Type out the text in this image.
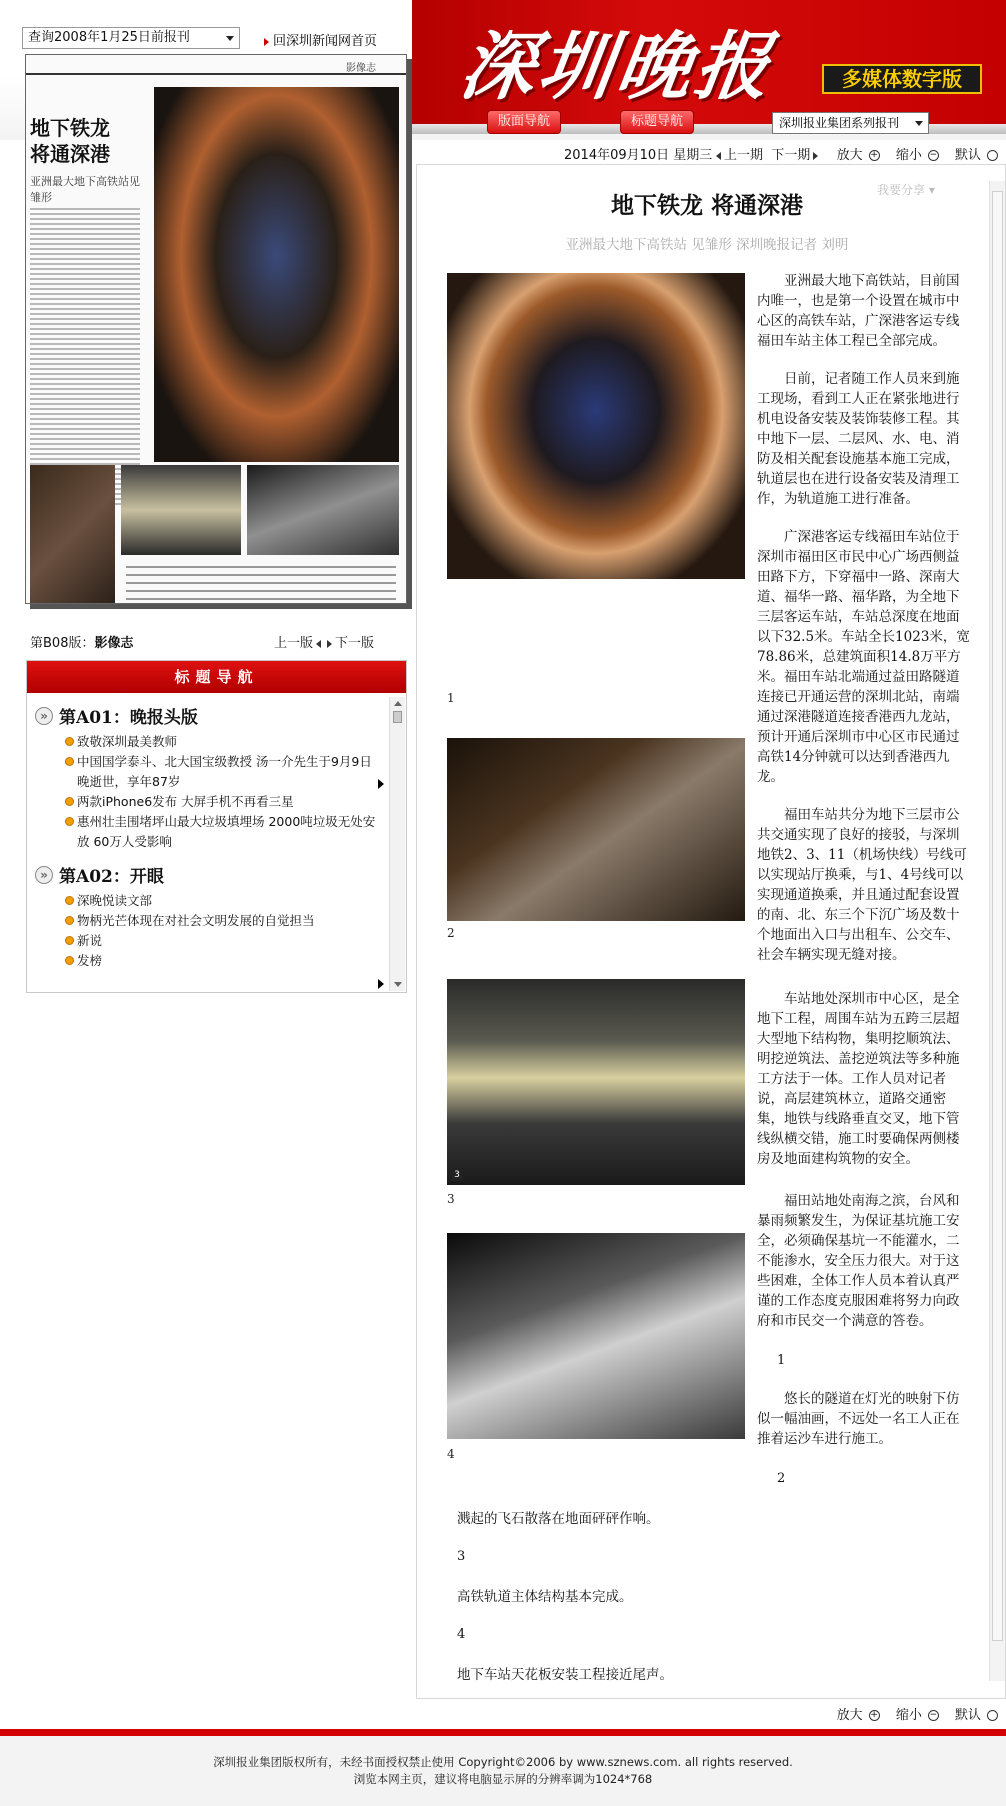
深圳晚报	多媒体数字版
查询2008年1月25日前报刊	回深圳新闻网首页
版面导航	标题导航	深圳报业集团系列报刊
影像志
地下铁龙
将通深港
亚洲最大地下高铁站见雏形
第B08版：影像志	上一版 下一版
标题导航
» 第A01：晚报头版
致敬深圳最美教师
中国国学泰斗、北大国宝级教授 汤一介先生于9月9日晚逝世，享年87岁
两款iPhone6发布 大屏手机不再看三星
惠州壮圭围堵坪山最大垃圾填埋场 2000吨垃圾无处安放 60万人受影响
» 第A02：开眼
深晚悦读文部
物柄光芒体现在对社会文明发展的自觉担当
新说
发榜
2014年09月10日 星期三 上一期 下一期	放大 + 缩小 − 默认
我要分享 ▾
地下铁龙 将通深港
亚洲最大地下高铁站 见雏形 深圳晚报记者 刘明
1
2
3
3
4
亚洲最大地下高铁站，目前国内唯一，也是第一个设置在城市中心区的高铁车站，广深港客运专线福田车站主体工程已全部完成。
日前，记者随工作人员来到施工现场，看到工人正在紧张地进行机电设备安装及装饰装修工程。其中地下一层、二层风、水、电、消防及相关配套设施基本施工完成，轨道层也在进行设备安装及清理工作，为轨道施工进行准备。
广深港客运专线福田车站位于深圳市福田区市民中心广场西侧益田路下方，下穿福中一路、深南大道、福华一路、福华路，为全地下三层客运车站，车站总深度在地面以下32.5米。车站全长1023米，宽78.86米，总建筑面积14.8万平方米。福田车站北端通过益田路隧道连接已开通运营的深圳北站，南端通过深港隧道连接香港西九龙站，预计开通后深圳市中心区市民通过高铁14分钟就可以达到香港西九龙。
福田车站共分为地下三层市公共交通实现了良好的接驳，与深圳地铁2、3、11（机场快线）号线可以实现站厅换乘，与1、4号线可以实现通道换乘，并且通过配套设置的南、北、东三个下沉广场及数十个地面出入口与出租车、公交车、社会车辆实现无缝对接。
车站地处深圳市中心区，是全地下工程，周围车站为五跨三层超大型地下结构物，集明挖顺筑法、明挖逆筑法、盖挖逆筑法等多种施工方法于一体。工作人员对记者说，高层建筑林立，道路交通密集，地铁与线路垂直交叉，地下管线纵横交错，施工时要确保两侧楼房及地面建构筑物的安全。
福田站地处南海之滨，台风和暴雨频繁发生，为保证基坑施工安全，必须确保基坑一不能灌水，二不能渗水，安全压力很大。对于这些困难，全体工作人员本着认真严谨的工作态度克服困难将努力向政府和市民交一个满意的答卷。
1
悠长的隧道在灯光的映射下仿似一幅油画，不远处一名工人正在推着运沙车进行施工。
2
溅起的飞石散落在地面砰砰作响。
3
高铁轨道主体结构基本完成。
4
地下车站天花板安装工程接近尾声。
放大 + 缩小 − 默认
深圳报业集团版权所有，未经书面授权禁止使用 Copyright©2006 by www.sznews.com. all rights reserved.
浏览本网主页，建议将电脑显示屏的分辨率调为1024*768
